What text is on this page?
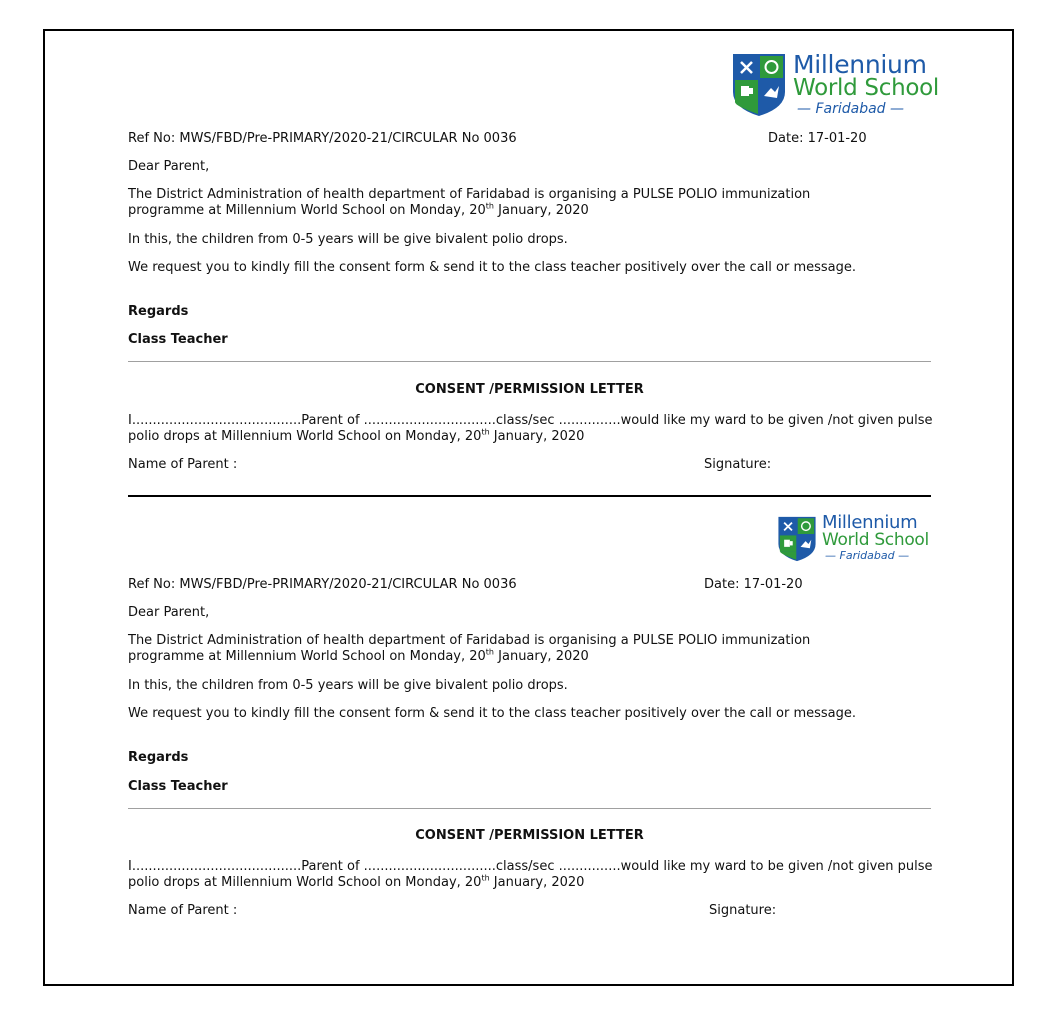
Millennium
World School
— Faridabad —
Ref No: MWS/FBD/Pre-PRIMARY/2020-21/CIRCULAR No 0036	Date: 17-01-20
Dear Parent,
The District Administration of health department of Faridabad is organising a PULSE POLIO immunization programme at Millennium World School on Monday, 20th January, 2020
In this, the children from 0-5 years will be give bivalent polio drops.
We request you to kindly fill the consent form & send it to the class teacher positively over the call or message.
Regards
Class Teacher
CONSENT /PERMISSION LETTER
I.........................................Parent of ................................class/sec ...............would like my ward to be given /not given pulse polio drops at Millennium World School on Monday, 20th January, 2020
Name of Parent :	Signature:
Millennium
World School
— Faridabad —
Ref No: MWS/FBD/Pre-PRIMARY/2020-21/CIRCULAR No 0036	Date: 17-01-20
Dear Parent,
The District Administration of health department of Faridabad is organising a PULSE POLIO immunization programme at Millennium World School on Monday, 20th January, 2020
In this, the children from 0-5 years will be give bivalent polio drops.
We request you to kindly fill the consent form & send it to the class teacher positively over the call or message.
Regards
Class Teacher
CONSENT /PERMISSION LETTER
I.........................................Parent of ................................class/sec ...............would like my ward to be given /not given pulse polio drops at Millennium World School on Monday, 20th January, 2020
Name of Parent :	Signature:
